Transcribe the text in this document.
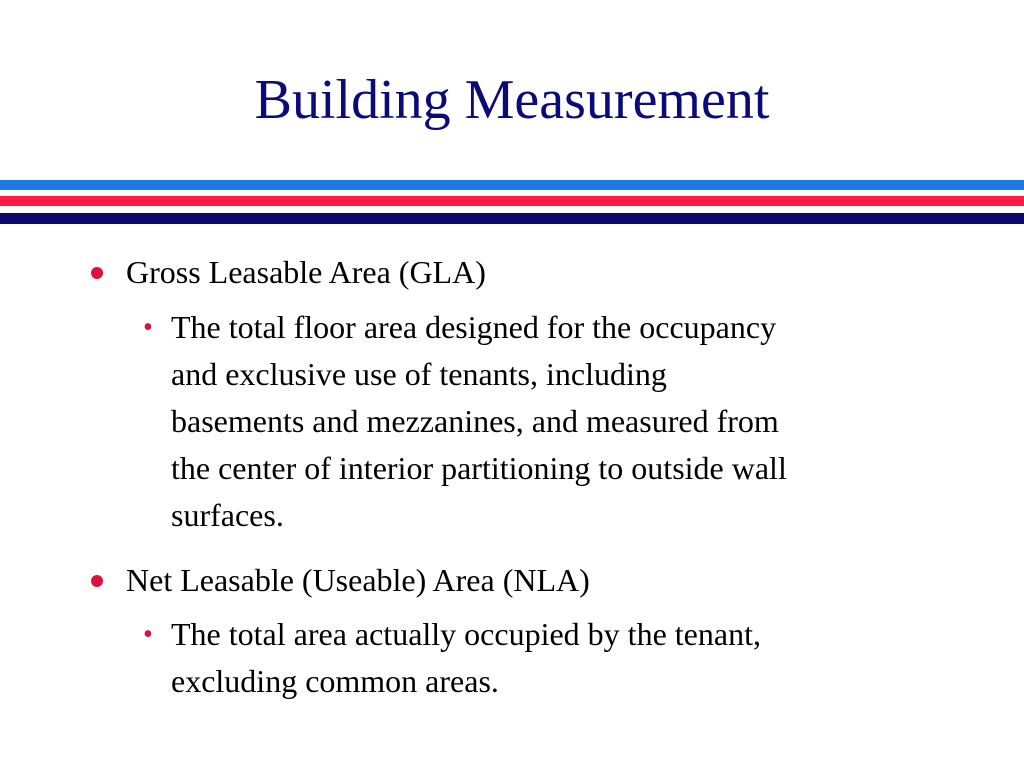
Building Measurement
Gross Leasable Area (GLA)
• The total floor area designed for the occupancy
and exclusive use of tenants, including
basements and mezzanines, and measured from
the center of interior partitioning to outside wall
surfaces.
Net Leasable (Useable) Area (NLA)
• The total area actually occupied by the tenant,
excluding common areas.
